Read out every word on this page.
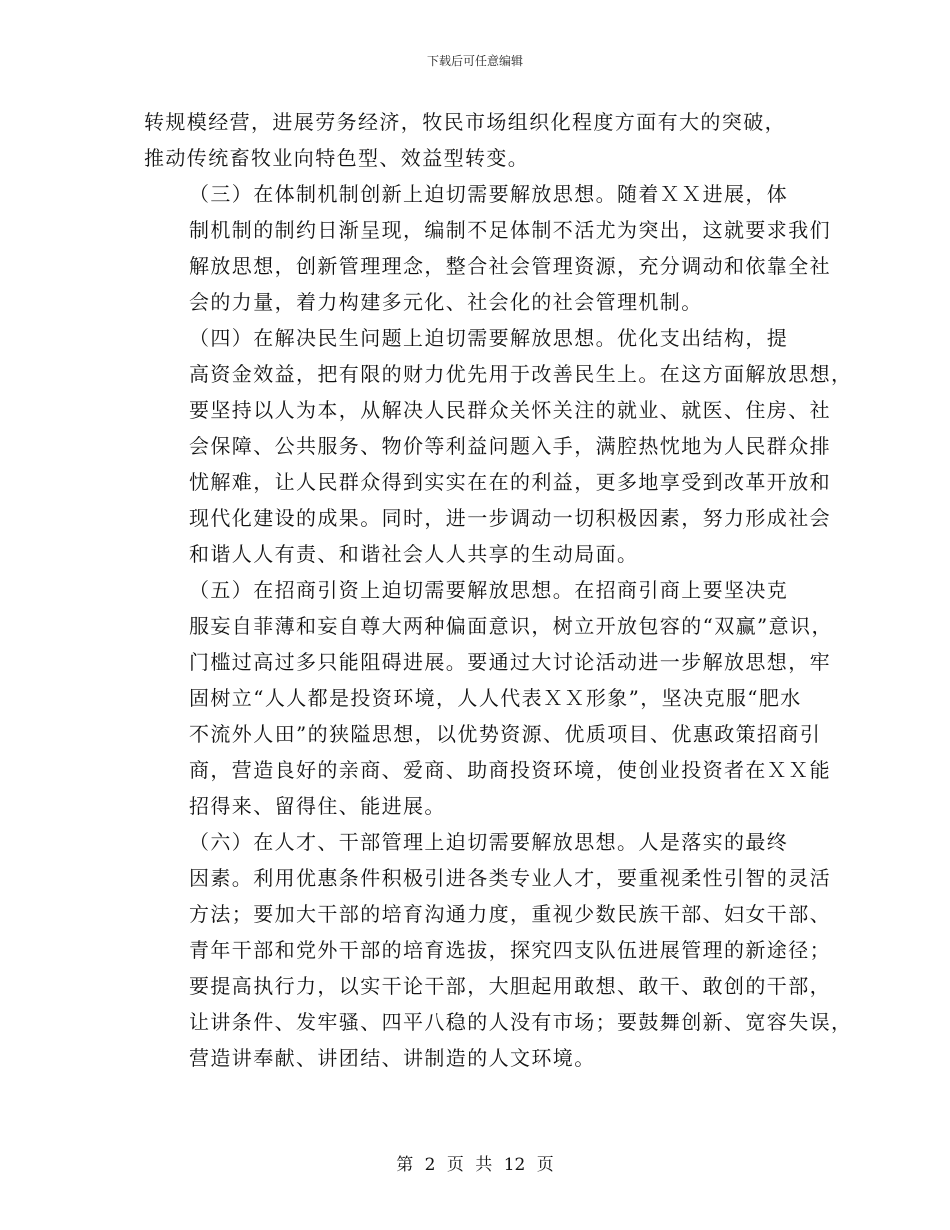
下载后可任意编辑

转规模经营，进展劳务经济，牧民市场组织化程度方面有大的突破，
推动传统畜牧业向特色型、效益型转变。

（三）在体制机制创新上迫切需要解放思想。随着ＸＸ进展，体
制机制的制约日渐呈现，编制不足体制不活尤为突出，这就要求我们
解放思想，创新管理理念，整合社会管理资源，充分调动和依靠全社
会的力量，着力构建多元化、社会化的社会管理机制。

（四）在解决民生问题上迫切需要解放思想。优化支出结构，提
高资金效益，把有限的财力优先用于改善民生上。在这方面解放思想，
要坚持以人为本，从解决人民群众关怀关注的就业、就医、住房、社
会保障、公共服务、物价等利益问题入手，满腔热忱地为人民群众排
忧解难，让人民群众得到实实在在的利益，更多地享受到改革开放和
现代化建设的成果。同时，进一步调动一切积极因素，努力形成社会
和谐人人有责、和谐社会人人共享的生动局面。

（五）在招商引资上迫切需要解放思想。在招商引商上要坚决克
服妄自菲薄和妄自尊大两种偏面意识，树立开放包容的“双赢”意识，
门槛过高过多只能阻碍进展。要通过大讨论活动进一步解放思想，牢
固树立“人人都是投资环境，人人代表ＸＸ形象”，坚决克服“肥水
不流外人田”的狭隘思想，以优势资源、优质项目、优惠政策招商引
商，营造良好的亲商、爱商、助商投资环境，使创业投资者在ＸＸ能
招得来、留得住、能进展。

（六）在人才、干部管理上迫切需要解放思想。人是落实的最终
因素。利用优惠条件积极引进各类专业人才，要重视柔性引智的灵活
方法；要加大干部的培育沟通力度，重视少数民族干部、妇女干部、
青年干部和党外干部的培育选拔，探究四支队伍进展管理的新途径；
要提高执行力，以实干论干部，大胆起用敢想、敢干、敢创的干部，
让讲条件、发牢骚、四平八稳的人没有市场；要鼓舞创新、宽容失误，
营造讲奉献、讲团结、讲制造的人文环境。

第 2 页 共 12 页
